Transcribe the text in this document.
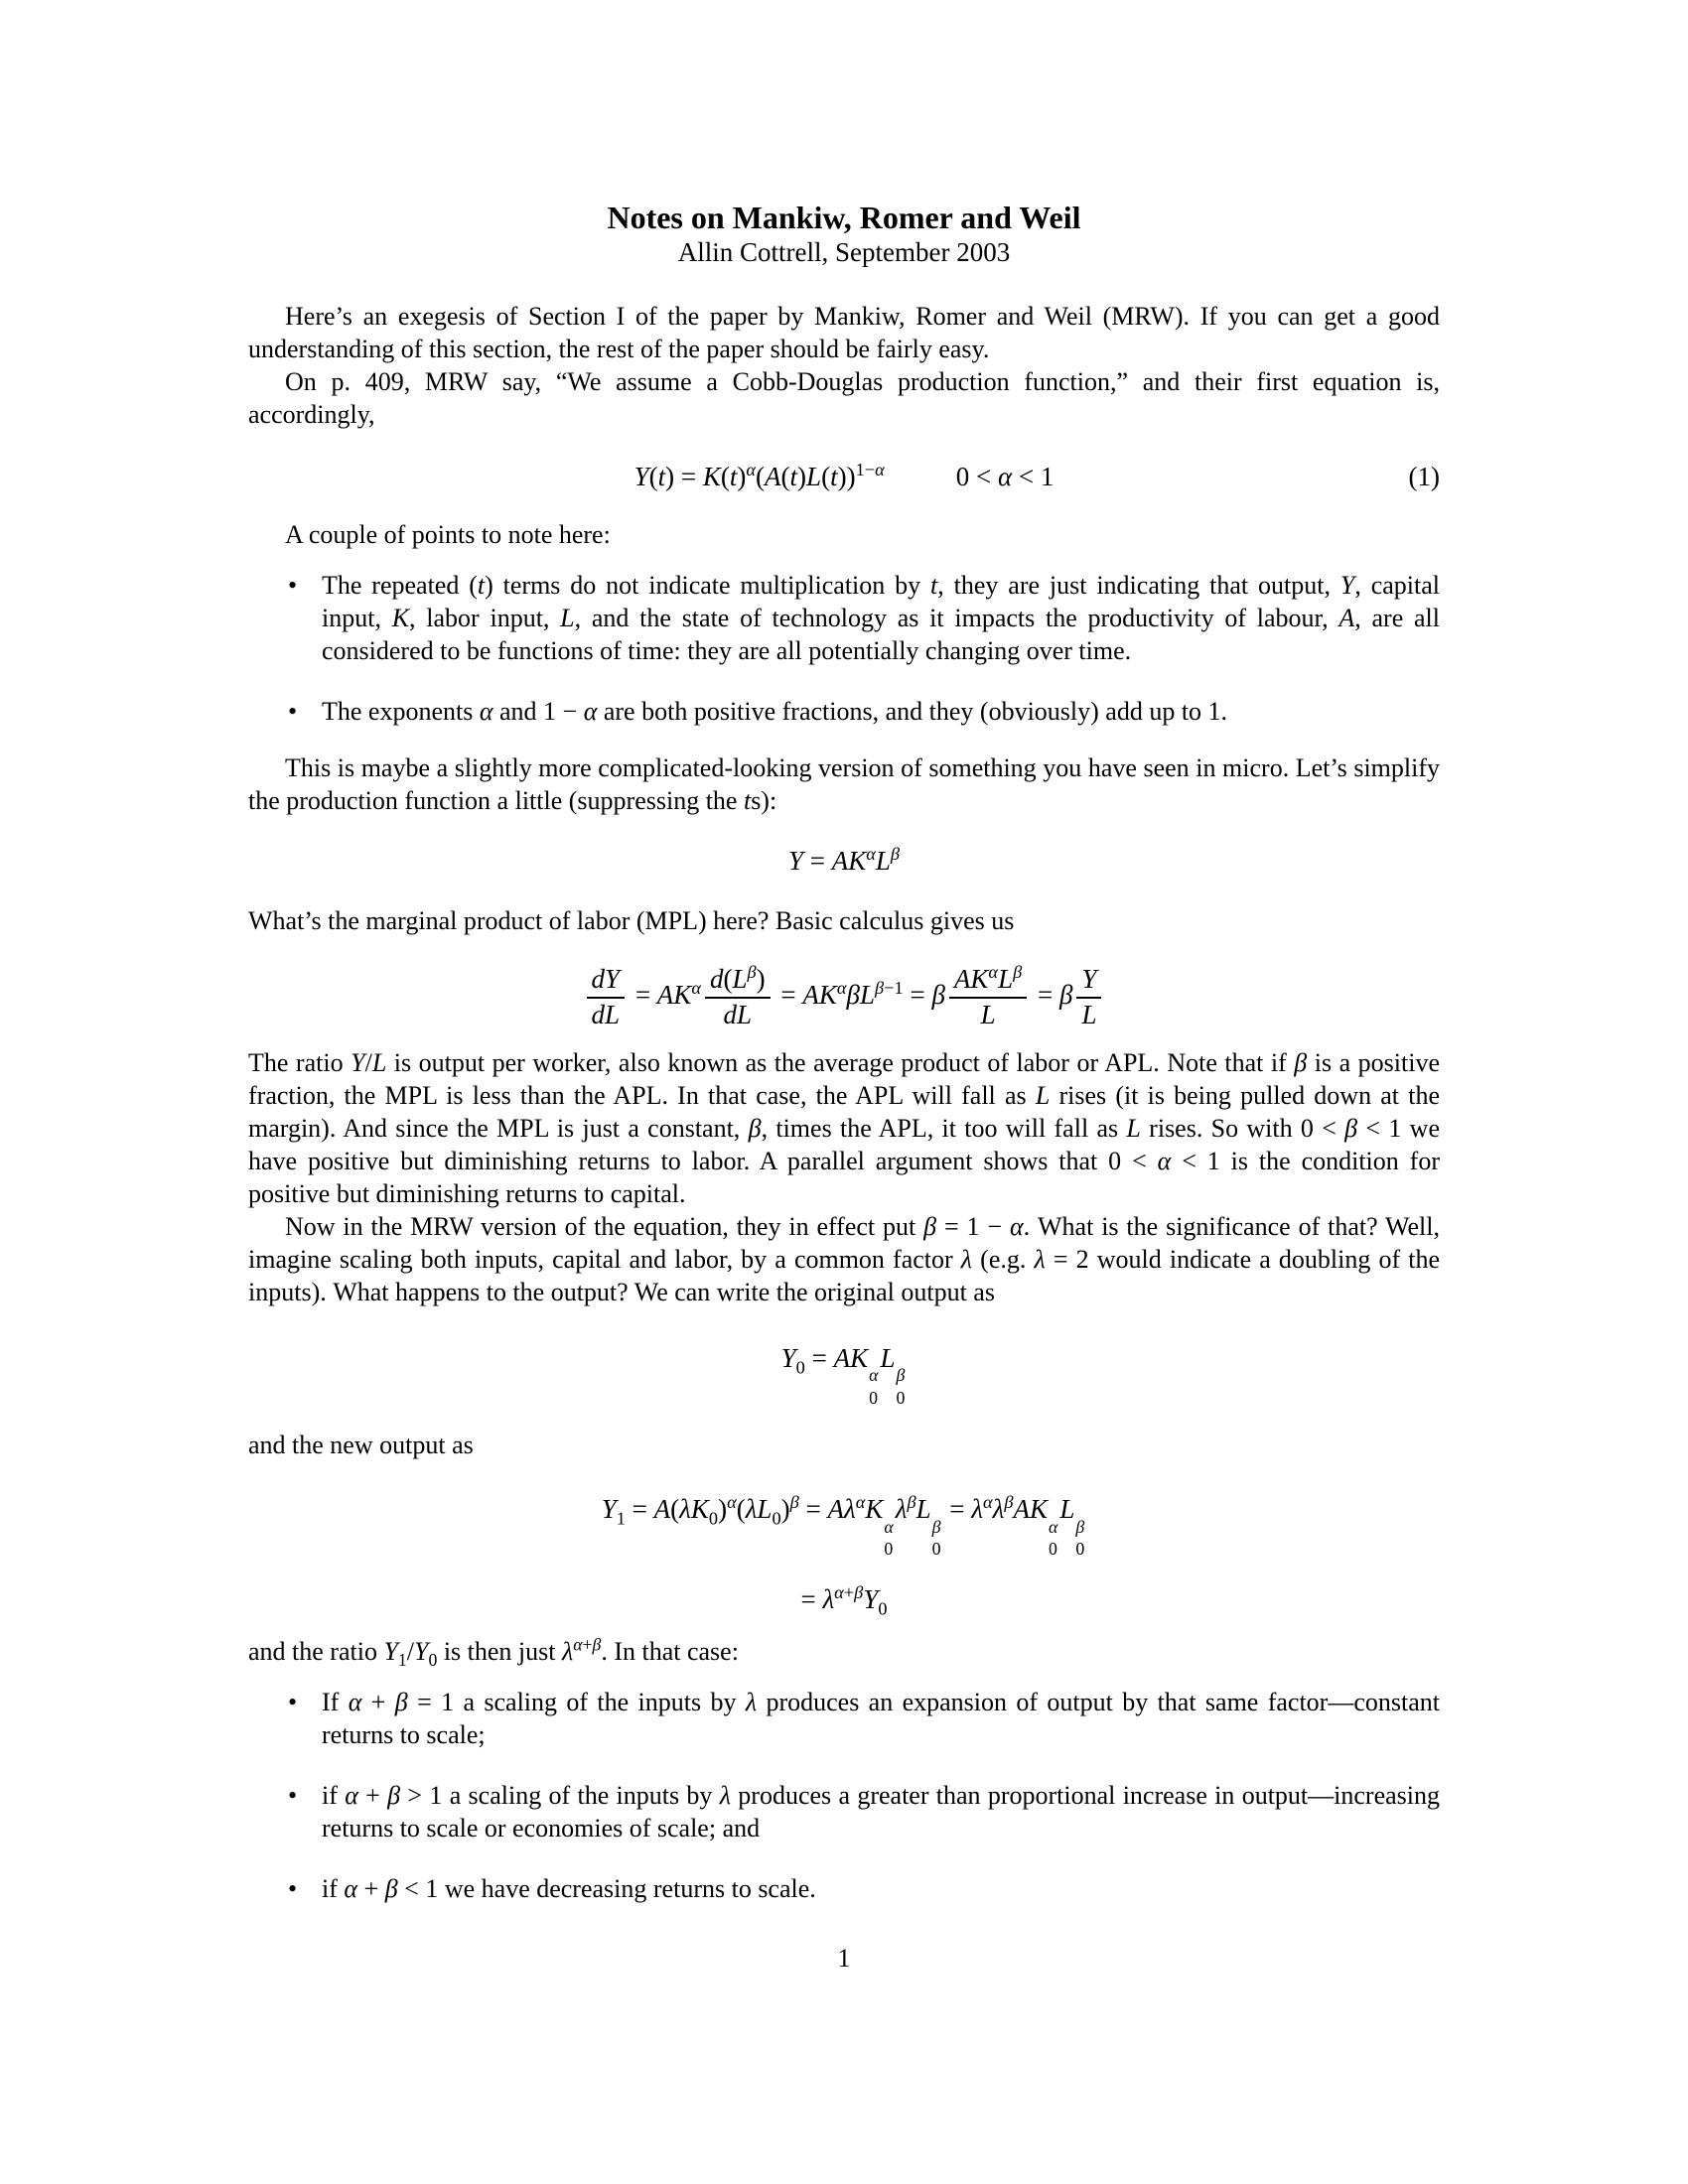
Notes on Mankiw, Romer and Weil
Allin Cottrell, September 2003

Here’s an exegesis of Section I of the paper by Mankiw, Romer and Weil (MRW). If you can get a good understanding of this section, the rest of the paper should be fairly easy.

On p. 409, MRW say, “We assume a Cobb-Douglas production function,” and their first equation is, accordingly,

$Y(t) = K(t)^\alpha(A(t)L(t))^{1-\alpha}$	0 < α < 1	(1)

A couple of points to note here:

• The repeated (t) terms do not indicate multiplication by t, they are just indicating that output, Y, capital input, K, labor input, L, and the state of technology as it impacts the productivity of labour, A, are all considered to be functions of time: they are all potentially changing over time.
• The exponents α and 1 − α are both positive fractions, and they (obviously) add up to 1.

This is maybe a slightly more complicated-looking version of something you have seen in micro. Let’s simplify the production function a little (suppressing the ts):

$Y = AK^\alpha L^\beta$

What’s the marginal product of labor (MPL) here? Basic calculus gives us

$\frac{dY}{dL} = AK^\alpha \frac{d(L^\beta)}{dL} = AK^\alpha\beta L^{\beta-1} = \beta \frac{AK^\alpha L^\beta}{L} = \beta \frac{Y}{L}$

The ratio Y/L is output per worker, also known as the average product of labor or APL. Note that if β is a positive fraction, the MPL is less than the APL. In that case, the APL will fall as L rises (it is being pulled down at the margin). And since the MPL is just a constant, β, times the APL, it too will fall as L rises. So with 0 < β < 1 we have positive but diminishing returns to labor. A parallel argument shows that 0 < α < 1 is the condition for positive but diminishing returns to capital.

Now in the MRW version of the equation, they in effect put β = 1 − α. What is the significance of that? Well, imagine scaling both inputs, capital and labor, by a common factor λ (e.g. λ = 2 would indicate a doubling of the inputs). What happens to the output? We can write the original output as

$Y_0$ = AK
α
0
L
β
0

and the new output as

$Y_1 = A(\lambda K_0)^\alpha(\lambda L_0)^\beta = A\lambda^\alpha K$
α
0
$\lambda^\beta L$
β
0
= $\lambda^\alpha\lambda^\beta AK$
α
0
L
β
0
= $\lambda^{\alpha+\beta}Y_0$

and the ratio $Y_1/Y_0$ is then just $\lambda^{\alpha+\beta}$. In that case:

• If α + β = 1 a scaling of the inputs by λ produces an expansion of output by that same factor—constant returns to scale;
• if α + β > 1 a scaling of the inputs by λ produces a greater than proportional increase in output—increasing returns to scale or economies of scale; and
• if α + β < 1 we have decreasing returns to scale.
1
